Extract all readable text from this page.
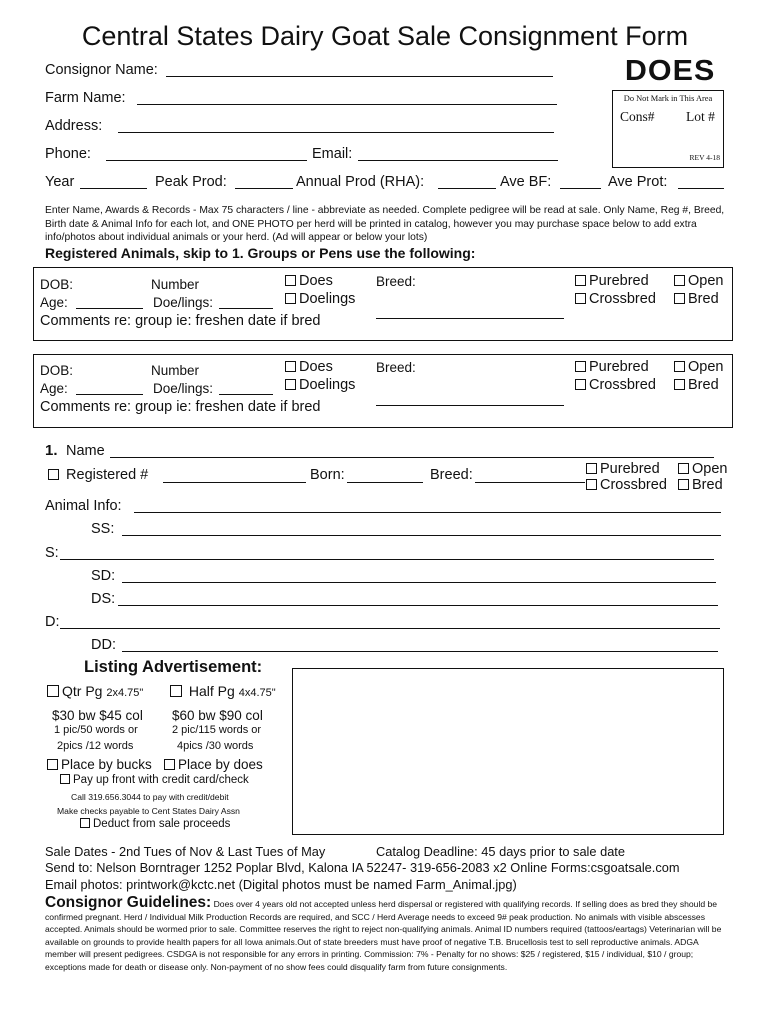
Central States Dairy Goat Sale Consignment Form
DOES
Do Not Mark in This Area
Cons# Lot #
REV 4-18
Consignor Name:
Farm Name:
Address:
Phone:	Email:
Year	Peak Prod:	Annual Prod (RHA):	Ave BF:	Ave Prot:
Enter Name, Awards & Records - Max 75 characters / line - abbreviate as needed. Complete pedigree will be read at sale. Only Name, Reg #, Breed, Birth date & Animal Info for each lot, and ONE PHOTO per herd will be printed in catalog, however you may purchase space below to add extra info/photos about individual animals or your herd. (Ad will appear or below your lots)
Registered Animals, skip to 1. Groups or Pens use the following:
DOB:
Age:
Number
Doe/lings:
Does
Doelings
Breed:	Purebred
Crossbred
Open
Bred
Comments re: group ie: freshen date if bred
DOB:
Age:
Number
Doe/lings:
Does
Doelings
Breed:	Purebred
Crossbred
Open
Bred
Comments re: group ie: freshen date if bred
1. Name
Registered #	Born:	Breed:	Purebred
Crossbred
Open
Bred
Animal Info:
SS:
S:
SD:
DS:
D:
DD:
Listing Advertisement:
Qtr Pg 2x4.75"	Half Pg 4x4.75"
$30 bw $45 col $60 bw $90 col
1 pic/50 words or	2 pic/115 words or
2pics /12 words	4pics /30 words
Place by bucks	Place by does
Pay up front with credit card/check
Call 319.656.3044 to pay with credit/debit
Make checks payable to Cent States Dairy Assn
Deduct from sale proceeds
Sale Dates - 2nd Tues of Nov & Last Tues of May	Catalog Deadline: 45 days prior to sale date
Send to: Nelson Borntrager 1252 Poplar Blvd, Kalona IA 52247- 319-656-2083 x2 Online Forms:csgoatsale.com
Email photos: printwork@kctc.net (Digital photos must be named Farm_Animal.jpg)
Consignor Guidelines: Does over 4 years old not accepted unless herd dispersal or registered with qualifying records. If selling does as bred they should be confirmed pregnant. Herd / Individual Milk Production Records are required, and SCC / Herd Average needs to exceed 9# peak production. No animals with visible abscesses accepted. Animals should be wormed prior to sale. Committee reserves the right to reject non-qualifying animals. Animal ID numbers required (tattoos/eartags) Veterinarian will be available on grounds to provide health papers for all Iowa animals.Out of state breeders must have proof of negative T.B. Brucellosis test to sell reproductive animals. ADGA member will present pedigrees. CSDGA is not responsible for any errors in printing. Commission: 7% - Penalty for no shows: $25 / registered, $15 / individual, $10 / group; exceptions made for death or disease only. Non-payment of no show fees could disqualify farm from future consignments.
